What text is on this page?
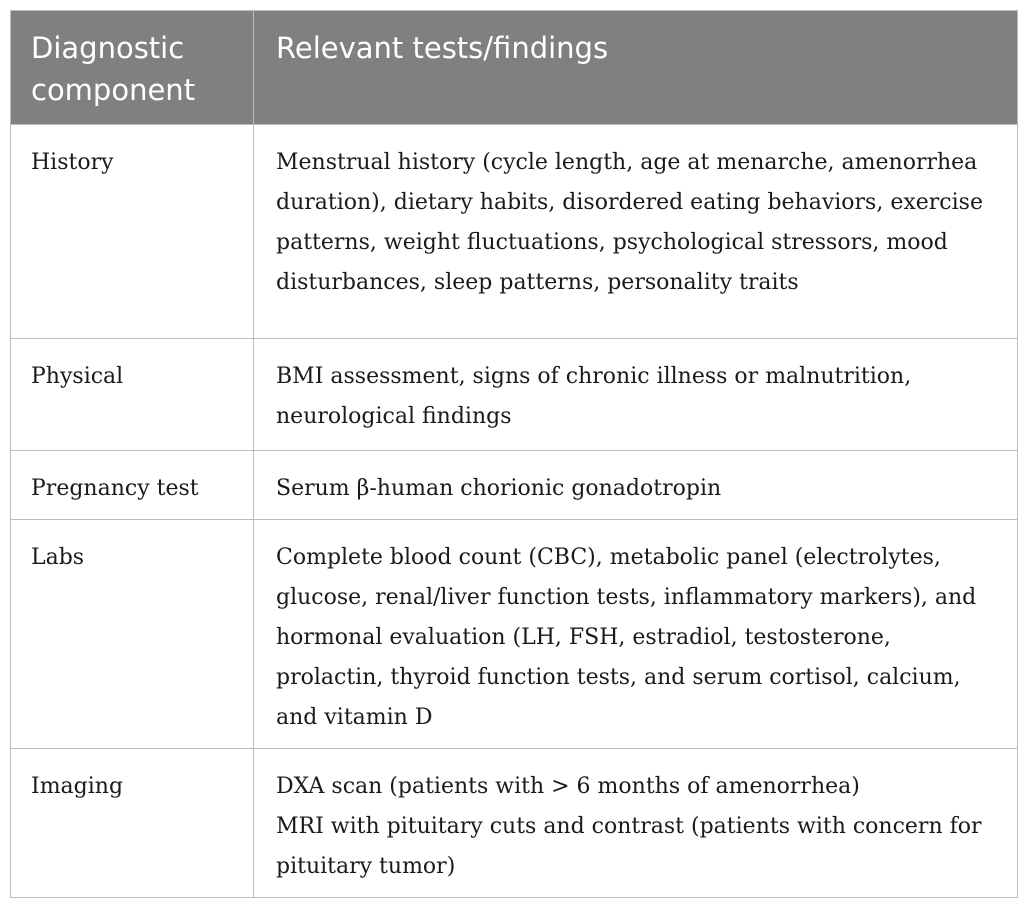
Diagnostic component	Relevant tests/findings
History	Menstrual history (cycle length, age at menarche, amenorrhea duration), dietary habits, disordered eating behaviors, exercise patterns, weight fluctuations, psychological stressors, mood disturbances, sleep patterns, personality traits

Physical	BMI assessment, signs of chronic illness or malnutrition, neurological findings

Pregnancy test	Serum β-human chorionic gonadotropin

Labs	Complete blood count (CBC), metabolic panel (electrolytes, glucose, renal/liver function tests, inflammatory markers), and hormonal evaluation (LH, FSH, estradiol, testosterone, prolactin, thyroid function tests, and serum cortisol, calcium, and vitamin D

Imaging	DXA scan (patients with > 6 months of amenorrhea)
MRI with pituitary cuts and contrast (patients with concern for pituitary tumor)
